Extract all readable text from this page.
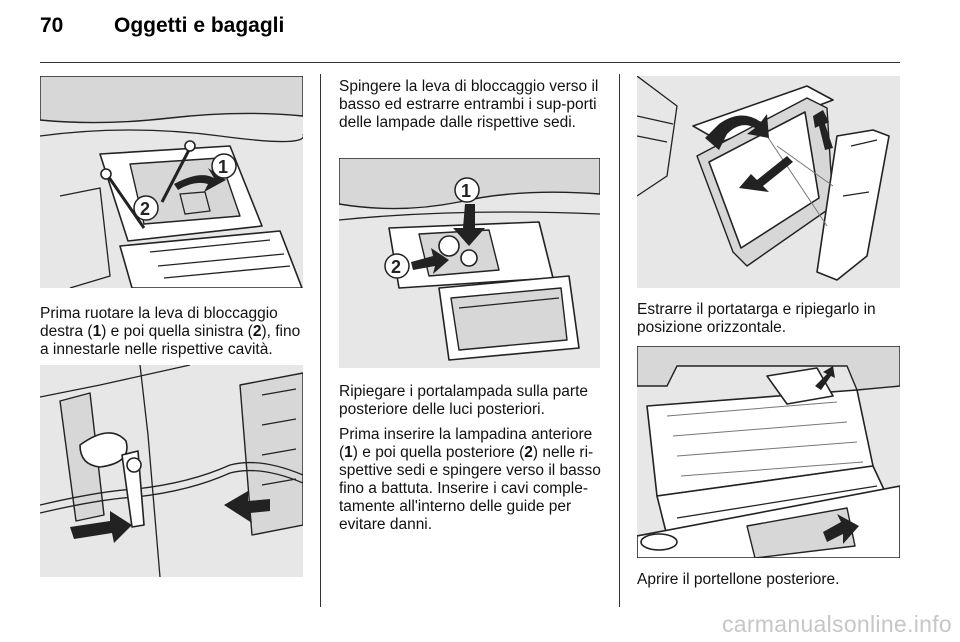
70 Oggetti e bagagli
1
2

Prima ruotare la leva di bloccaggio destra (1) e poi quella sinistra (2), fino a innestarle nelle rispettive cavità.

Spingere la leva di bloccaggio verso il basso ed estrarre entrambi i sup-porti delle lampade dalle rispettive sedi.

1
2

Ripiegare i portalampada sulla parte posteriore delle luci posteriori.

Prima inserire la lampadina anteriore (1) e poi quella posteriore (2) nelle ri-spettive sedi e spingere verso il basso fino a battuta. Inserire i cavi comple-tamente all'interno delle guide per evitare danni.

Estrarre il portatarga e ripiegarlo in posizione orizzontale.

Aprire il portellone posteriore.

carmanualsonline.info
